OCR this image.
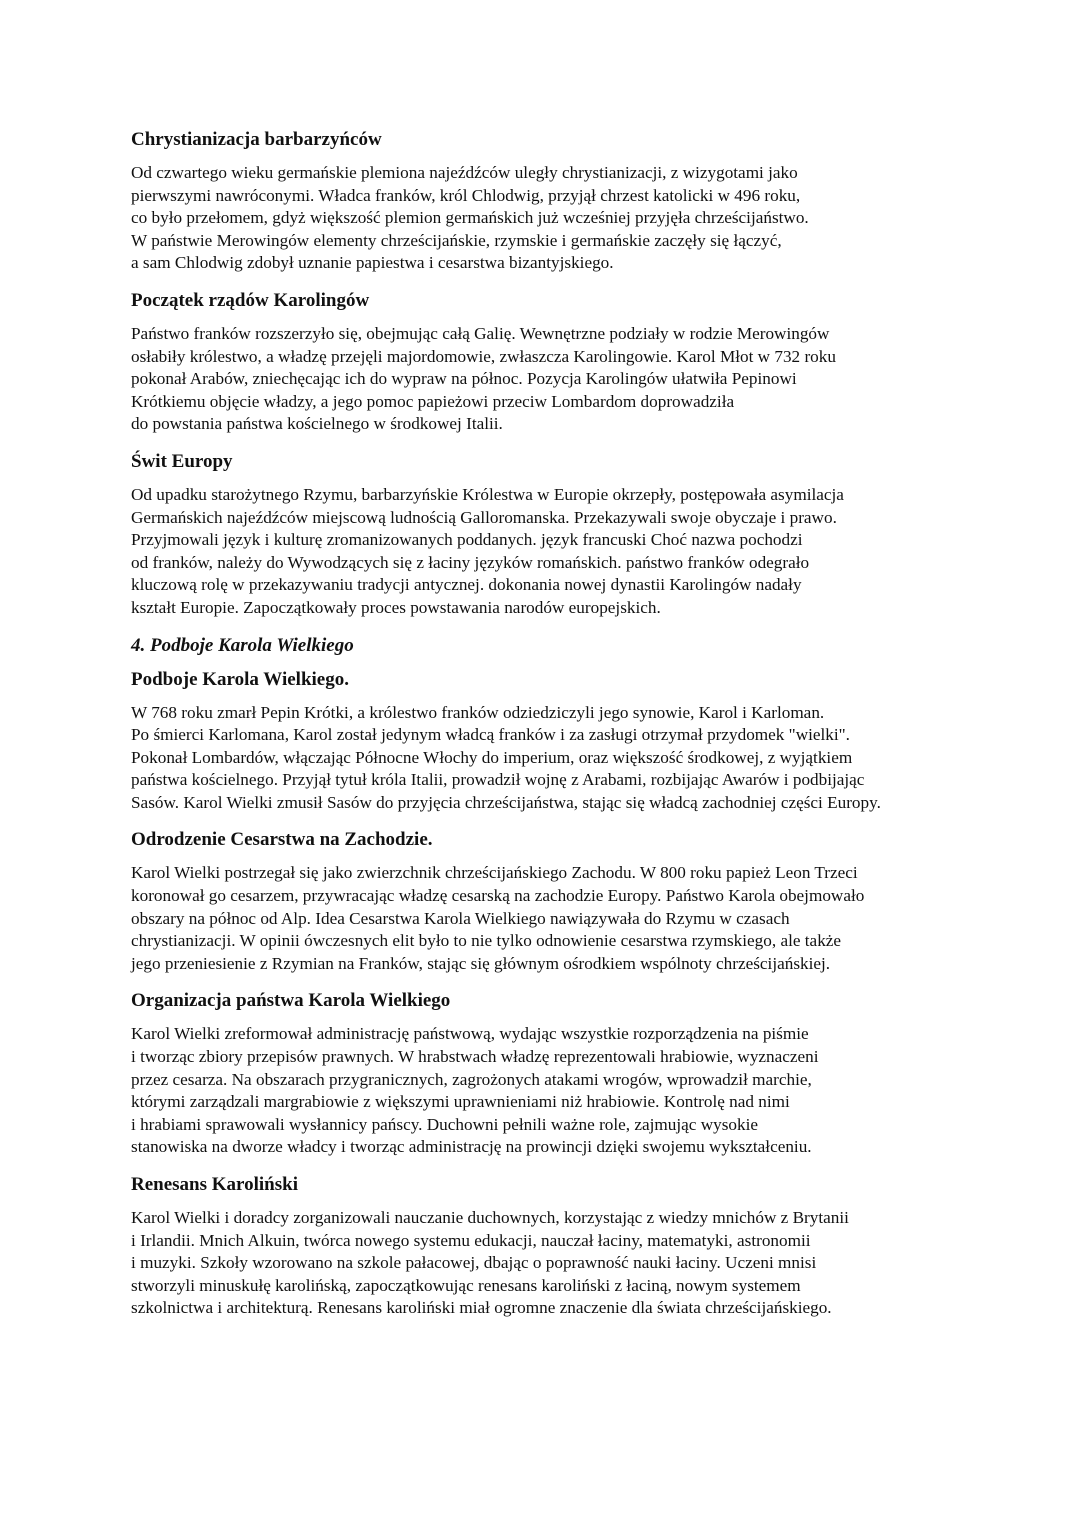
Chrystianizacja barbarzyńców
Od czwartego wieku germańskie plemiona najeźdźców uległy chrystianizacji, z wizygotami jako
pierwszymi nawróconymi. Władca franków, król Chlodwig, przyjął chrzest katolicki w 496 roku,
co było przełomem, gdyż większość plemion germańskich już wcześniej przyjęła chrześcijaństwo.
W państwie Merowingów elementy chrześcijańskie, rzymskie i germańskie zaczęły się łączyć,
a sam Chlodwig zdobył uznanie papiestwa i cesarstwa bizantyjskiego.
Początek rządów Karolingów
Państwo franków rozszerzyło się, obejmując całą Galię. Wewnętrzne podziały w rodzie Merowingów
osłabiły królestwo, a władzę przejęli majordomowie, zwłaszcza Karolingowie. Karol Młot w 732 roku
pokonał Arabów, zniechęcając ich do wypraw na północ. Pozycja Karolingów ułatwiła Pepinowi
Krótkiemu objęcie władzy, a jego pomoc papieżowi przeciw Lombardom doprowadziła
do powstania państwa kościelnego w środkowej Italii.
Świt Europy
Od upadku starożytnego Rzymu, barbarzyńskie Królestwa w Europie okrzepły, postępowała asymilacja
Germańskich najeźdźców miejscową ludnością Galloromanska. Przekazywali swoje obyczaje i prawo.
Przyjmowali język i kulturę zromanizowanych poddanych. język francuski Choć nazwa pochodzi
od franków, należy do Wywodzących się z łaciny języków romańskich. państwo franków odegrało
kluczową rolę w przekazywaniu tradycji antycznej. dokonania nowej dynastii Karolingów nadały
kształt Europie. Zapoczątkowały proces powstawania narodów europejskich.
4. Podboje Karola Wielkiego
Podboje Karola Wielkiego.
W 768 roku zmarł Pepin Krótki, a królestwo franków odziedziczyli jego synowie, Karol i Karloman.
Po śmierci Karlomana, Karol został jedynym władcą franków i za zasługi otrzymał przydomek "wielki".
Pokonał Lombardów, włączając Północne Włochy do imperium, oraz większość środkowej, z wyjątkiem
państwa kościelnego. Przyjął tytuł króla Italii, prowadził wojnę z Arabami, rozbijając Awarów i podbijając
Sasów. Karol Wielki zmusił Sasów do przyjęcia chrześcijaństwa, stając się władcą zachodniej części Europy.
Odrodzenie Cesarstwa na Zachodzie.
Karol Wielki postrzegał się jako zwierzchnik chrześcijańskiego Zachodu. W 800 roku papież Leon Trzeci
koronował go cesarzem, przywracając władzę cesarską na zachodzie Europy. Państwo Karola obejmowało
obszary na północ od Alp. Idea Cesarstwa Karola Wielkiego nawiązywała do Rzymu w czasach
chrystianizacji. W opinii ówczesnych elit było to nie tylko odnowienie cesarstwa rzymskiego, ale także
jego przeniesienie z Rzymian na Franków, stając się głównym ośrodkiem wspólnoty chrześcijańskiej.
Organizacja państwa Karola Wielkiego
Karol Wielki zreformował administrację państwową, wydając wszystkie rozporządzenia na piśmie
i tworząc zbiory przepisów prawnych. W hrabstwach władzę reprezentowali hrabiowie, wyznaczeni
przez cesarza. Na obszarach przygranicznych, zagrożonych atakami wrogów, wprowadził marchie,
którymi zarządzali margrabiowie z większymi uprawnieniami niż hrabiowie. Kontrolę nad nimi
i hrabiami sprawowali wysłannicy pańscy. Duchowni pełnili ważne role, zajmując wysokie
stanowiska na dworze władcy i tworząc administrację na prowincji dzięki swojemu wykształceniu.
Renesans Karoliński
Karol Wielki i doradcy zorganizowali nauczanie duchownych, korzystając z wiedzy mnichów z Brytanii
i Irlandii. Mnich Alkuin, twórca nowego systemu edukacji, nauczał łaciny, matematyki, astronomii
i muzyki. Szkoły wzorowano na szkole pałacowej, dbając o poprawność nauki łaciny. Uczeni mnisi
stworzyli minuskułę karolińską, zapoczątkowując renesans karoliński z łaciną, nowym systemem
szkolnictwa i architekturą. Renesans karoliński miał ogromne znaczenie dla świata chrześcijańskiego.
